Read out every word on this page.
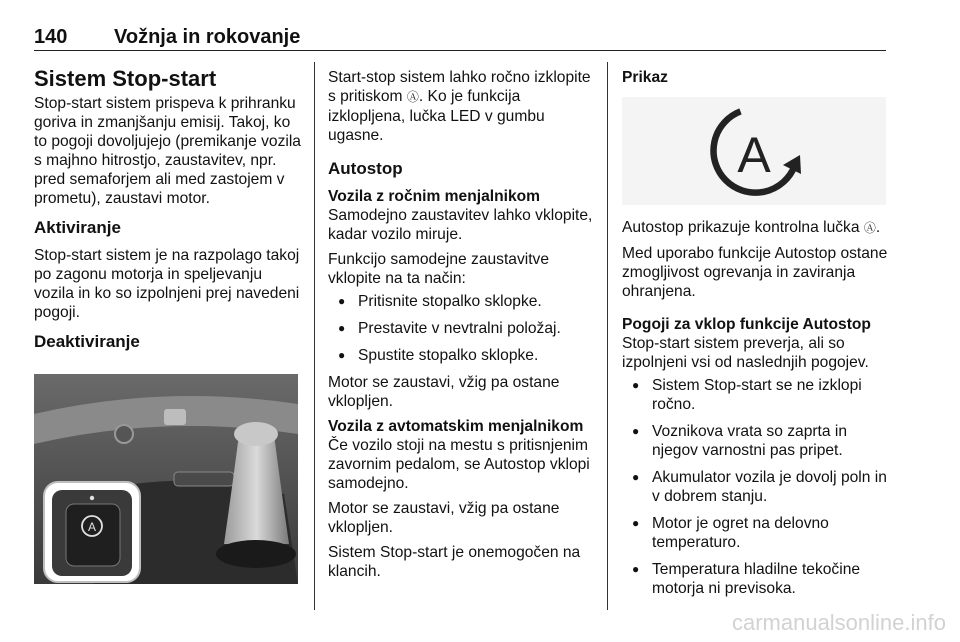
140 Vožnja in rokovanje
Sistem Stop-start

Stop-start sistem prispeva k prihranku goriva in zmanjšanju emisij. Takoj, ko to pogoji dovoljujejo (premikanje vozila s majhno hitrostjo, zaustavitev, npr. pred semaforjem ali med zastojem v prometu), zaustavi motor.

Aktiviranje

Stop-start sistem je na razpolago takoj po zagonu motorja in speljevanju vozila in ko so izpolnjeni prej navedeni pogoji.

Deaktiviranje
A

Start-stop sistem lahko ročno izklopite s pritiskom Ⓐ. Ko je funkcija izklopljena, lučka LED v gumbu ugasne.

Autostop
Vozila z ročnim menjalnikom

Samodejno zaustavitev lahko vklopite, kadar vozilo miruje.

Funkcijo samodejne zaustavitve vklopite na ta način:

● Pritisnite stopalko sklopke.
● Prestavite v nevtralni položaj.
● Spustite stopalko sklopke.

Motor se zaustavi, vžig pa ostane vklopljen.

Vozila z avtomatskim menjalnikom

Če vozilo stoji na mestu s pritisnjenim zavornim pedalom, se Autostop vklopi samodejno.

Motor se zaustavi, vžig pa ostane vklopljen.

Sistem Stop-start je onemogočen na klancih.

Prikaz
A

Autostop prikazuje kontrolna lučka Ⓐ.

Med uporabo funkcije Autostop ostane zmogljivost ogrevanja in zaviranja ohranjena.

Pogoji za vklop funkcije Autostop

Stop-start sistem preverja, ali so izpolnjeni vsi od naslednjih pogojev.

● Sistem Stop-start se ne izklopi ročno.
● Voznikova vrata so zaprta in njegov varnostni pas pripet.
● Akumulator vozila je dovolj poln in v dobrem stanju.
● Motor je ogret na delovno temperaturo.
● Temperatura hladilne tekočine motorja ni previsoka.
carmanualsonline.info
